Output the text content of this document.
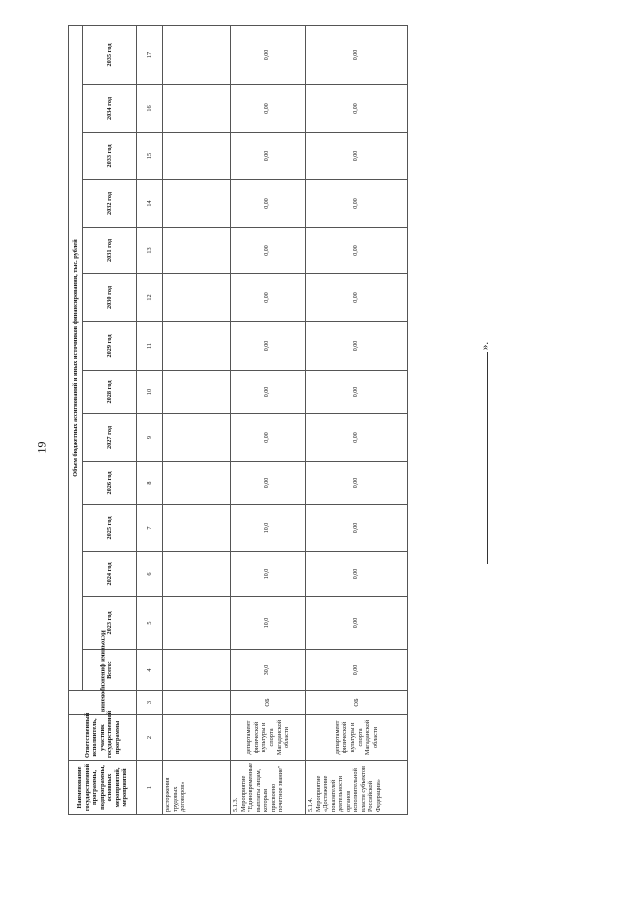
19
».
Наименование государственной программы, подпрограммы, основных мероприятий, мероприятий	Ответственный исполнитель, участник государственной программы	Источники финансирования	Объем бюджетных ассигнований и иных источников финансирования, тыс. рублей													
			Всего:	2023 год	2024 год	2025 год	2026 год	2027 год	2028 год	2029 год	2030 год	2031 год	2032 год	2033 год	2034 год	2035 год
1	2	3	4	5	6	7	8	9	10	11	12	13	14	15	16	17
расторжения трудовых договоров»																
5.1.3. Мероприятие "Единовременные выплаты лицам, которым присвоено почетное звание"	департамент физической культуры и спорта Магаданской области	ОБ	30,0	10,0	10,0	10,0	0,00	0,00	0,00	0,00	0,00	0,00	0,00	0,00	0,00	0,00
5.1.4. Мероприятие «Достижение показателей деятельности органов исполнительной власти субъектов Российской Федерации»	департамент физической культуры и спорта Магаданской области	ОБ	0,00	0,00	0,00	0,00	0,00	0,00	0,00	0,00	0,00	0,00	0,00	0,00	0,00	0,00
